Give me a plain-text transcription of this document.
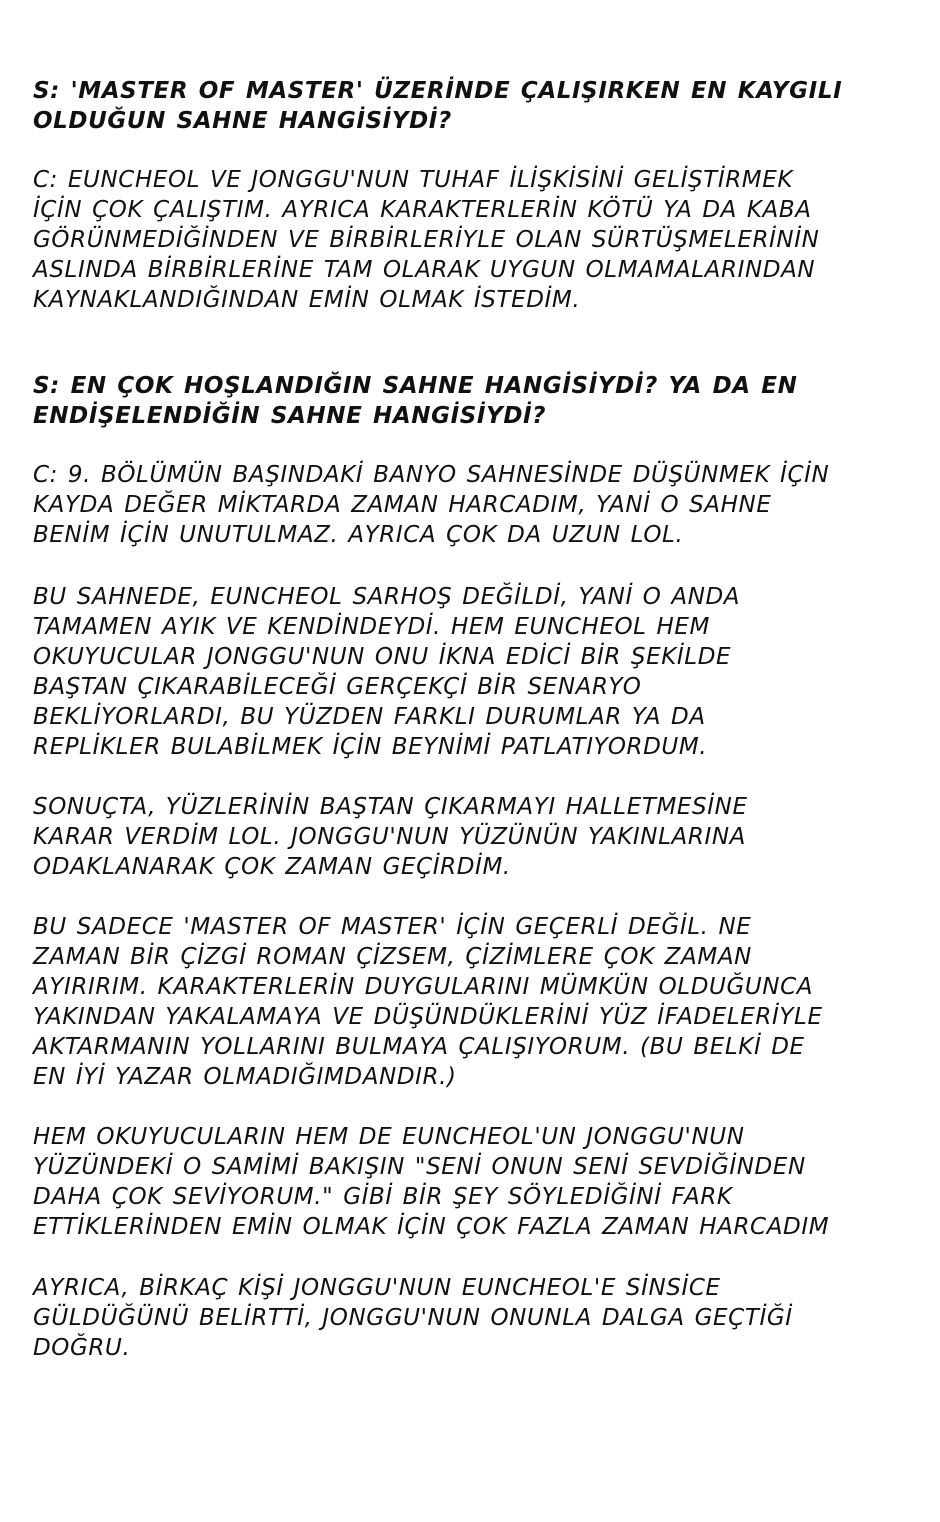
S: 'MASTER OF MASTER' ÜZERİNDE ÇALIŞIRKEN EN KAYGILI
OLDUĞUN SAHNE HANGİSİYDİ?

C: EUNCHEOL VE JONGGU'NUN TUHAF İLİŞKİSİNİ GELİŞTİRMEK
İÇİN ÇOK ÇALIŞTIM. AYRICA KARAKTERLERİN KÖTÜ YA DA KABA
GÖRÜNMEDİĞİNDEN VE BİRBİRLERİYLE OLAN SÜRTÜŞMELERİNİN
ASLINDA BİRBİRLERİNE TAM OLARAK UYGUN OLMAMALARINDAN
KAYNAKLANDIĞINDAN EMİN OLMAK İSTEDİM.

S: EN ÇOK HOŞLANDIĞIN SAHNE HANGİSİYDİ? YA DA EN
ENDİŞELENDİĞİN SAHNE HANGİSİYDİ?

C: 9. BÖLÜMÜN BAŞINDAKİ BANYO SAHNESİNDE DÜŞÜNMEK İÇİN
KAYDA DEĞER MİKTARDA ZAMAN HARCADIM, YANİ O SAHNE
BENİM İÇİN UNUTULMAZ. AYRICA ÇOK DA UZUN LOL.

BU SAHNEDE, EUNCHEOL SARHOŞ DEĞİLDİ, YANİ O ANDA
TAMAMEN AYIK VE KENDİNDEYDİ. HEM EUNCHEOL HEM
OKUYUCULAR JONGGU'NUN ONU İKNA EDİCİ BİR ŞEKİLDE
BAŞTAN ÇIKARABİLECEĞİ GERÇEKÇİ BİR SENARYO
BEKLİYORLARDI, BU YÜZDEN FARKLI DURUMLAR YA DA
REPLİKLER BULABİLMEK İÇİN BEYNİMİ PATLATIYORDUM.

SONUÇTA, YÜZLERİNİN BAŞTAN ÇIKARMAYI HALLETMESİNE
KARAR VERDİM LOL. JONGGU'NUN YÜZÜNÜN YAKINLARINA
ODAKLANARAK ÇOK ZAMAN GEÇİRDİM.

BU SADECE 'MASTER OF MASTER' İÇİN GEÇERLİ DEĞİL. NE
ZAMAN BİR ÇİZGİ ROMAN ÇİZSEM, ÇİZİMLERE ÇOK ZAMAN
AYIRIRIM. KARAKTERLERİN DUYGULARINI MÜMKÜN OLDUĞUNCA
YAKINDAN YAKALAMAYA VE DÜŞÜNDÜKLERİNİ YÜZ İFADELERİYLE
AKTARMANIN YOLLARINI BULMAYA ÇALIŞIYORUM. (BU BELKİ DE
EN İYİ YAZAR OLMADIĞIMDANDIR.)

HEM OKUYUCULARIN HEM DE EUNCHEOL'UN JONGGU'NUN
YÜZÜNDEKİ O SAMİMİ BAKIŞIN "SENİ ONUN SENİ SEVDİĞİNDEN
DAHA ÇOK SEVİYORUM." GİBİ BİR ŞEY SÖYLEDİĞİNİ FARK
ETTİKLERİNDEN EMİN OLMAK İÇİN ÇOK FAZLA ZAMAN HARCADIM

AYRICA, BİRKAÇ KİŞİ JONGGU'NUN EUNCHEOL'E SİNSİCE
GÜLDÜĞÜNÜ BELİRTTİ, JONGGU'NUN ONUNLA DALGA GEÇTİĞİ
DOĞRU.
